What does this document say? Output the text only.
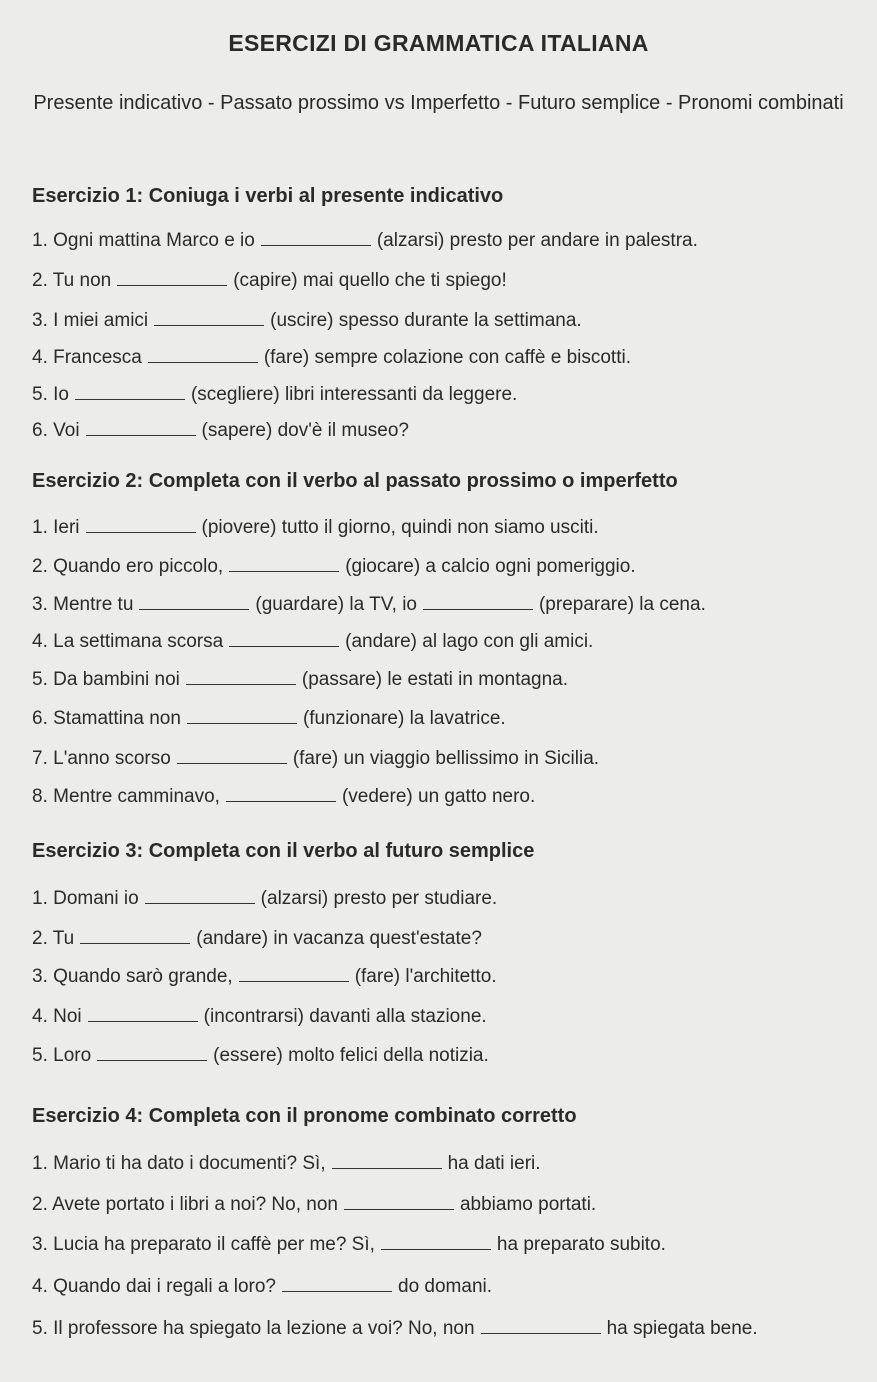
ESERCIZI DI GRAMMATICA ITALIANA
Presente indicativo - Passato prossimo vs Imperfetto - Futuro semplice - Pronomi combinati
Esercizio 1: Coniuga i verbi al presente indicativo
1. Ogni mattina Marco e io	(alzarsi) presto per andare in palestra.
2. Tu non	(capire) mai quello che ti spiego!
3. I miei amici	(uscire) spesso durante la settimana.
4. Francesca	(fare) sempre colazione con caffè e biscotti.
5. Io	(scegliere) libri interessanti da leggere.
6. Voi	(sapere) dov'è il museo?
Esercizio 2: Completa con il verbo al passato prossimo o imperfetto
1. Ieri	(piovere) tutto il giorno, quindi non siamo usciti.
2. Quando ero piccolo,	(giocare) a calcio ogni pomeriggio.
3. Mentre tu	(guardare) la TV, io	(preparare) la cena.
4. La settimana scorsa	(andare) al lago con gli amici.
5. Da bambini noi	(passare) le estati in montagna.
6. Stamattina non	(funzionare) la lavatrice.
7. L'anno scorso	(fare) un viaggio bellissimo in Sicilia.
8. Mentre camminavo,	(vedere) un gatto nero.
Esercizio 3: Completa con il verbo al futuro semplice
1. Domani io	(alzarsi) presto per studiare.
2. Tu	(andare) in vacanza quest'estate?
3. Quando sarò grande,	(fare) l'architetto.
4. Noi	(incontrarsi) davanti alla stazione.
5. Loro	(essere) molto felici della notizia.
Esercizio 4: Completa con il pronome combinato corretto
1. Mario ti ha dato i documenti? Sì,	ha dati ieri.
2. Avete portato i libri a noi? No, non	abbiamo portati.
3. Lucia ha preparato il caffè per me? Sì,	ha preparato subito.
4. Quando dai i regali a loro?	do domani.
5. Il professore ha spiegato la lezione a voi? No, non	ha spiegata bene.
